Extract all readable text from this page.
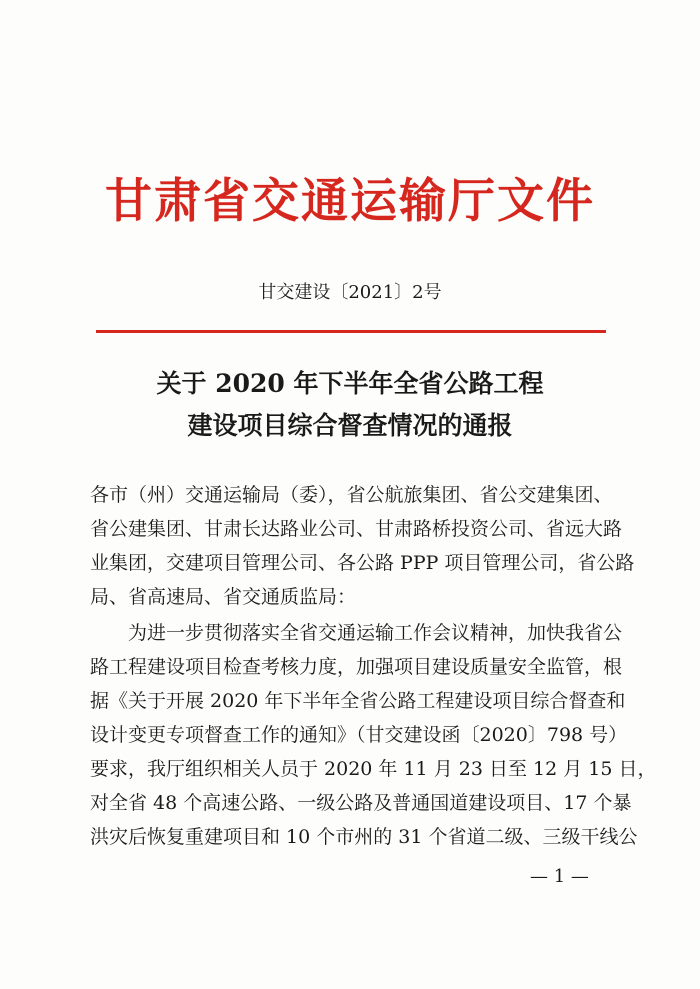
甘肃省交通运输厅文件
甘交建设〔2021〕2号
关于 2020 年下半年全省公路工程
建设项目综合督查情况的通报
各市（州）交通运输局（委），省公航旅集团、省公交建集团、
省公建集团、甘肃长达路业公司、甘肃路桥投资公司、省远大路
业集团，交建项目管理公司、各公路 PPP 项目管理公司，省公路
局、省高速局、省交通质监局：
为进一步贯彻落实全省交通运输工作会议精神，加快我省公
路工程建设项目检查考核力度，加强项目建设质量安全监管，根
据《关于开展 2020 年下半年全省公路工程建设项目综合督查和
设计变更专项督查工作的通知》（甘交建设函〔2020〕798 号）
要求，我厅组织相关人员于 2020 年 11 月 23 日至 12 月 15 日，
对全省 48 个高速公路、一级公路及普通国道建设项目、17 个暴
洪灾后恢复重建项目和 10 个市州的 31 个省道二级、三级干线公
— 1 —
